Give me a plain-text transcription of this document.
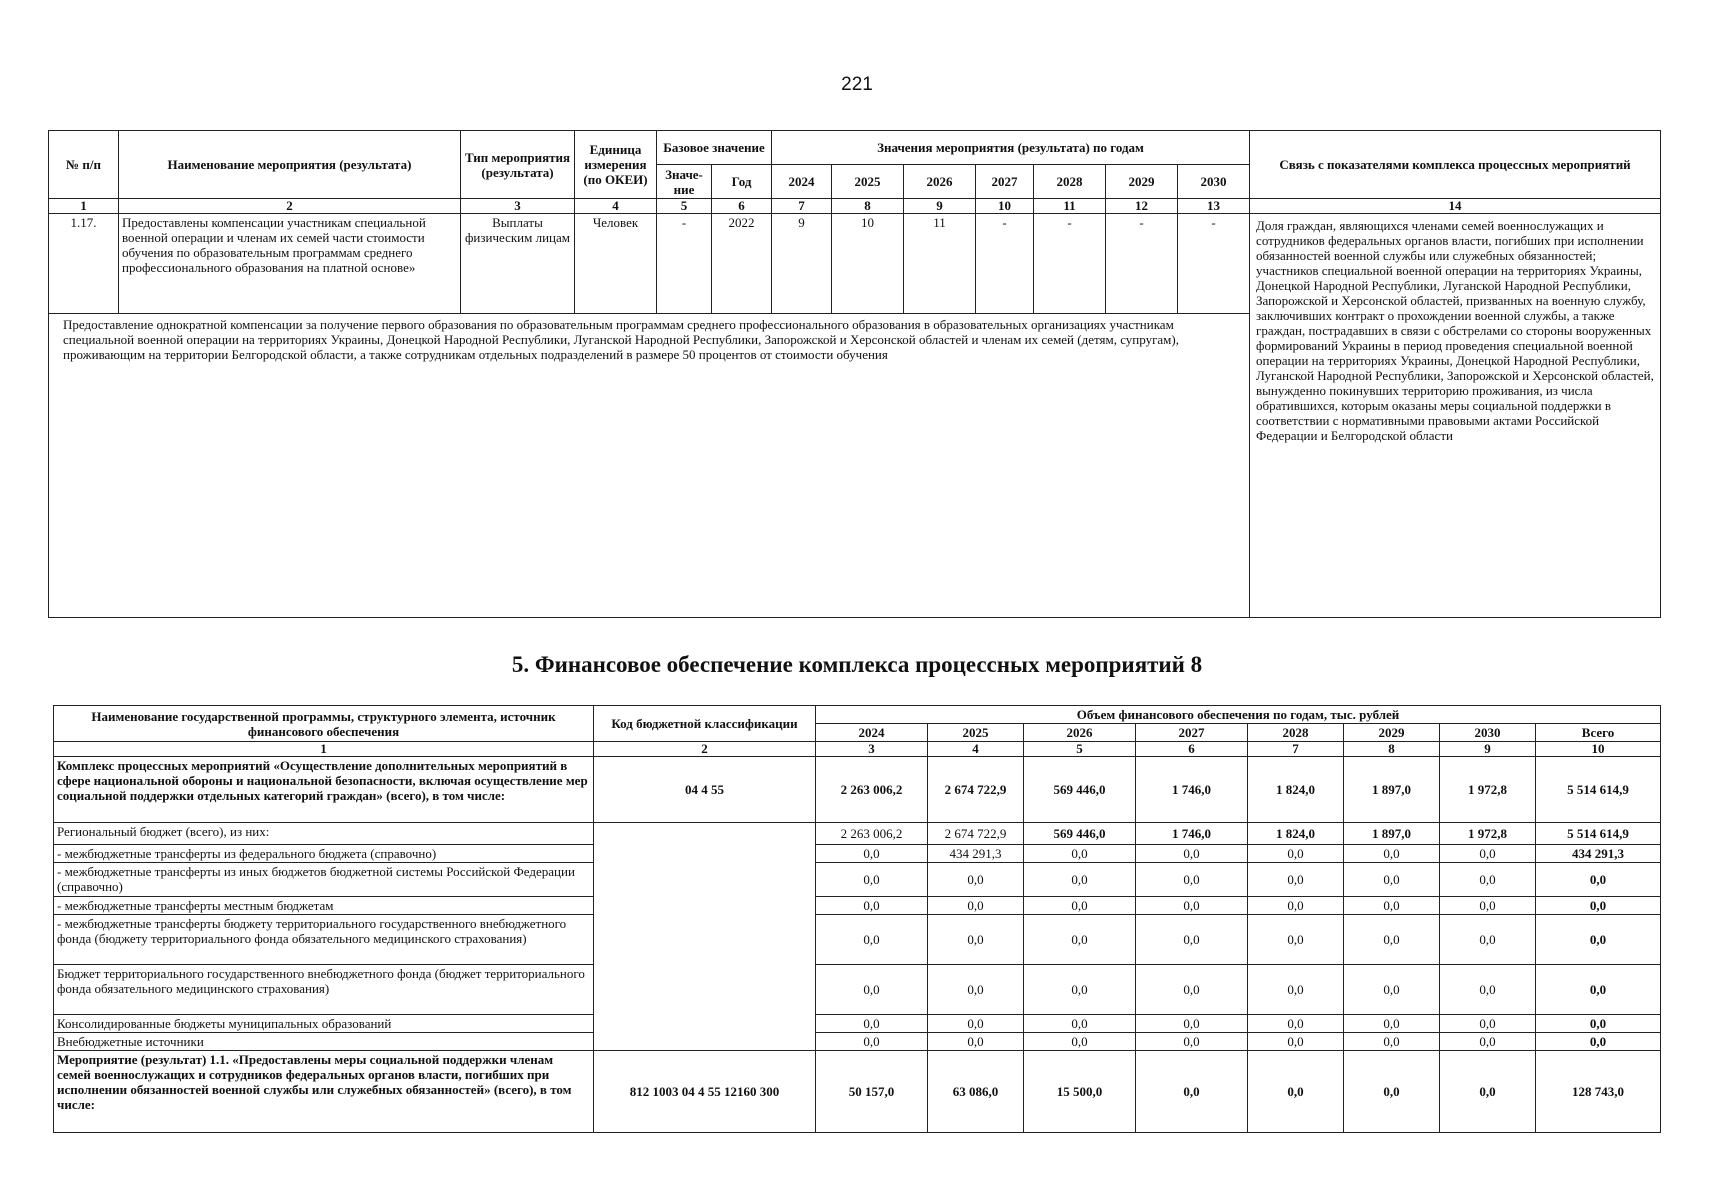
221
№ п/п	Наименование мероприятия (результата)	Тип мероприятия (результата)	Единица измерения (по ОКЕИ)	Базовое значение		Значения мероприятия (результата) по годам							Связь с показателями комплекса процессных мероприятий
				Значе-ние	Год	2024	2025	2026	2027	2028	2029	2030	
1	2	3	4	5	6	7	8	9	10	11	12	13	14
1.17.	Предоставлены компенсации участникам специальной военной операции и членам их семей части стоимости обучения по образовательным программам среднего профессионального образования на платной основе»	Выплаты физическим лицам	Человек	-	2022	9	10	11	-	-	-	-	Доля граждан, являющихся членами семей военнослужащих и сотрудников федеральных органов власти, погибших при исполнении обязанностей военной службы или служебных обязанностей; участников специальной военной операции на территориях Украины, Донецкой Народной Республики, Луганской Народной Республики, Запорожской и Херсонской областей, призванных на военную службу, заключивших контракт о прохождении военной службы, а также граждан, пострадавших в связи с обстрелами со стороны вооруженных формирований Украины в период проведения специальной военной операции на территориях Украины, Донецкой Народной Республики, Луганской Народной Республики, Запорожской и Херсонской областей, вынужденно покинувших территорию проживания, из числа обратившихся, которым оказаны меры социальной поддержки в соответствии с нормативными правовыми актами Российской Федерации и Белгородской области
Предоставление однократной компенсации за получение первого образования по образовательным программам среднего профессионального образования в образовательных организациях участникам специальной военной операции на территориях Украины, Донецкой Народной Республики, Луганской Народной Республики, Запорожской и Херсонской областей и членам их семей (детям, супругам), проживающим на территории Белгородской области, а также сотрудникам отдельных подразделений в размере 50 процентов от стоимости обучения													
5. Финансовое обеспечение комплекса процессных мероприятий 8
Наименование государственной программы, структурного элемента, источник финансового обеспечения	Код бюджетной классификации	Объем финансового обеспечения по годам, тыс. рублей							
		2024	2025	2026	2027	2028	2029	2030	Всего
1	2	3	4	5	6	7	8	9	10
Комплекс процессных мероприятий «Осуществление дополнительных мероприятий в сфере национальной обороны и национальной безопасности, включая осуществление мер социальной поддержки отдельных категорий граждан» (всего), в том числе:	04 4 55	2 263 006,2	2 674 722,9	569 446,0	1 746,0	1 824,0	1 897,0	1 972,8	5 514 614,9
Региональный бюджет (всего), из них:		2 263 006,2	2 674 722,9	569 446,0	1 746,0	1 824,0	1 897,0	1 972,8	5 514 614,9
- межбюджетные трансферты из федерального бюджета (справочно)		0,0	434 291,3	0,0	0,0	0,0	0,0	0,0	434 291,3
- межбюджетные трансферты из иных бюджетов бюджетной системы Российской Федерации (справочно)		0,0	0,0	0,0	0,0	0,0	0,0	0,0	0,0
- межбюджетные трансферты местным бюджетам		0,0	0,0	0,0	0,0	0,0	0,0	0,0	0,0
- межбюджетные трансферты бюджету территориального государственного внебюджетного фонда (бюджету территориального фонда обязательного медицинского страхования)		0,0	0,0	0,0	0,0	0,0	0,0	0,0	0,0
Бюджет территориального государственного внебюджетного фонда (бюджет территориального фонда обязательного медицинского страхования)		0,0	0,0	0,0	0,0	0,0	0,0	0,0	0,0
Консолидированные бюджеты муниципальных образований		0,0	0,0	0,0	0,0	0,0	0,0	0,0	0,0
Внебюджетные источники		0,0	0,0	0,0	0,0	0,0	0,0	0,0	0,0
Мероприятие (результат) 1.1. «Предоставлены меры социальной поддержки членам семей военнослужащих и сотрудников федеральных органов власти, погибших при исполнении обязанностей военной службы или служебных обязанностей» (всего), в том числе:	812 1003 04 4 55 12160 300	50 157,0	63 086,0	15 500,0	0,0	0,0	0,0	0,0	128 743,0
